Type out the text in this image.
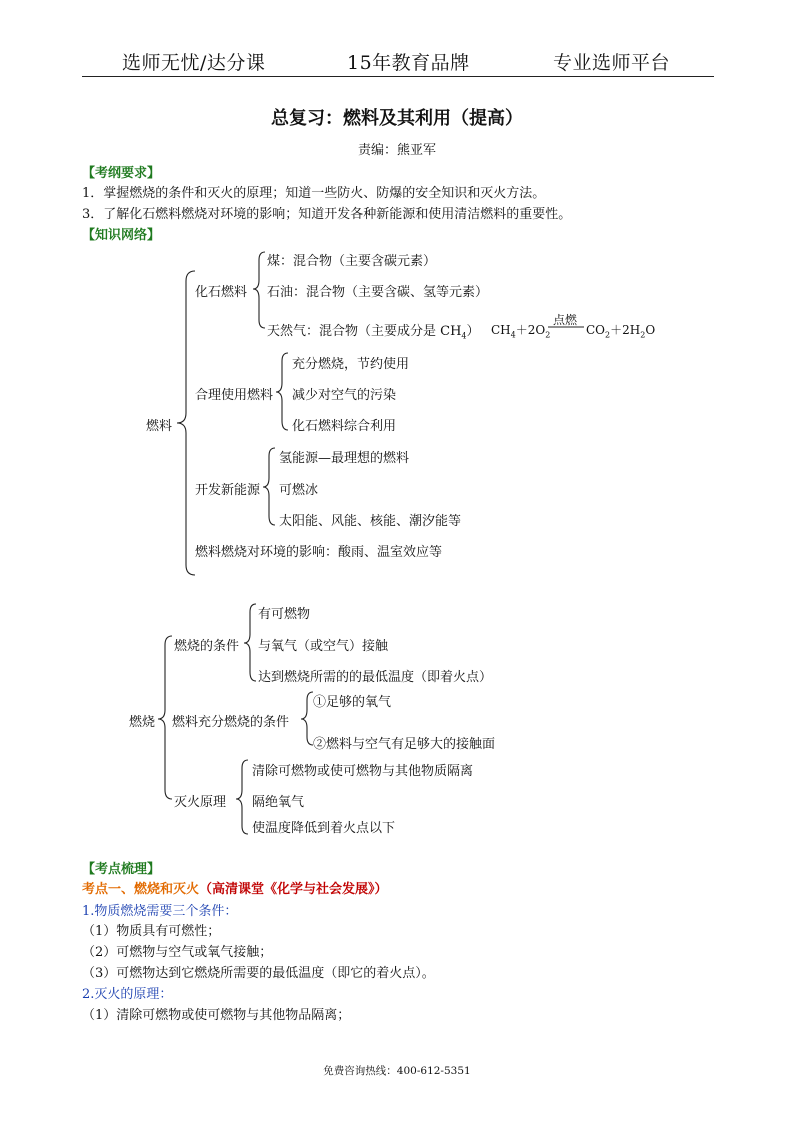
选师无忧/达分课	15年教育品牌	专业选师平台
总复习：燃料及其利用（提高）
责编：熊亚军
【考纲要求】
1．掌握燃烧的条件和灭火的原理；知道一些防火、防爆的安全知识和灭火方法。
3．了解化石燃料燃烧对环境的影响；知道开发各种新能源和使用清洁燃料的重要性。
【知识网络】
燃料
化石燃料
煤：混合物（主要含碳元素）
石油：混合物（主要含碳、氢等元素）
天然气：混合物（主要成分是 $CH_4$） $CH_4+2O_2$
点燃
$CO_2+2H_2O$
合理使用燃料
充分燃烧，节约使用
减少对空气的污染
化石燃料综合利用
开发新能源
氢能源—最理想的燃料
可燃冰
太阳能、风能、核能、潮汐能等
燃料燃烧对环境的影响：酸雨、温室效应等
燃烧
燃烧的条件
有可燃物
与氧气（或空气）接触
达到燃烧所需的的最低温度（即着火点）
燃料充分燃烧的条件
①足够的氧气
②燃料与空气有足够大的接触面
灭火原理
清除可燃物或使可燃物与其他物质隔离
隔绝氧气
使温度降低到着火点以下
【考点梳理】
考点一、燃烧和灭火（高清课堂《化学与社会发展》）
1.物质燃烧需要三个条件：
（1）物质具有可燃性；
（2）可燃物与空气或氧气接触；
（3）可燃物达到它燃烧所需要的最低温度（即它的着火点）。
2.灭火的原理：
（1）清除可燃物或使可燃物与其他物品隔离；
免费咨询热线：400-612-5351
